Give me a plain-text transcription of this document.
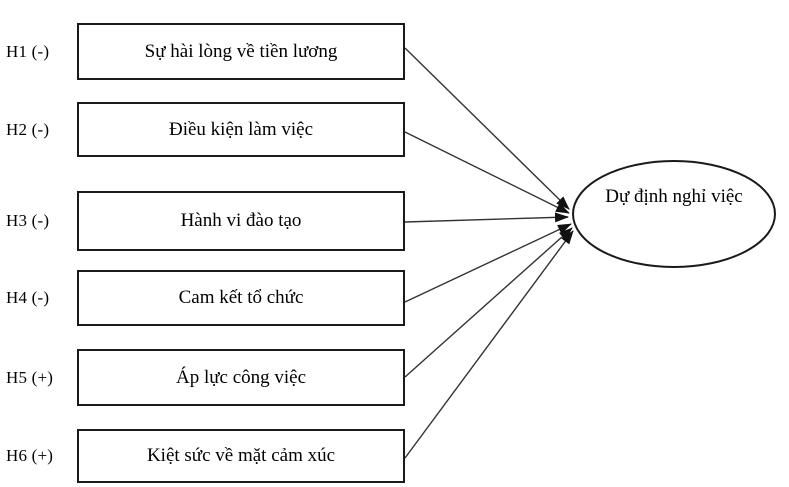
H1 (-)	Sự hài lòng về tiền lương
H2 (-)	Điều kiện làm việc
H3 (-)	Hành vi đào tạo
H4 (-)	Cam kết tổ chức
H5 (+)	Áp lực công việc
H6 (+)	Kiệt sức về mặt cảm xúc
Dự định nghỉ việc
